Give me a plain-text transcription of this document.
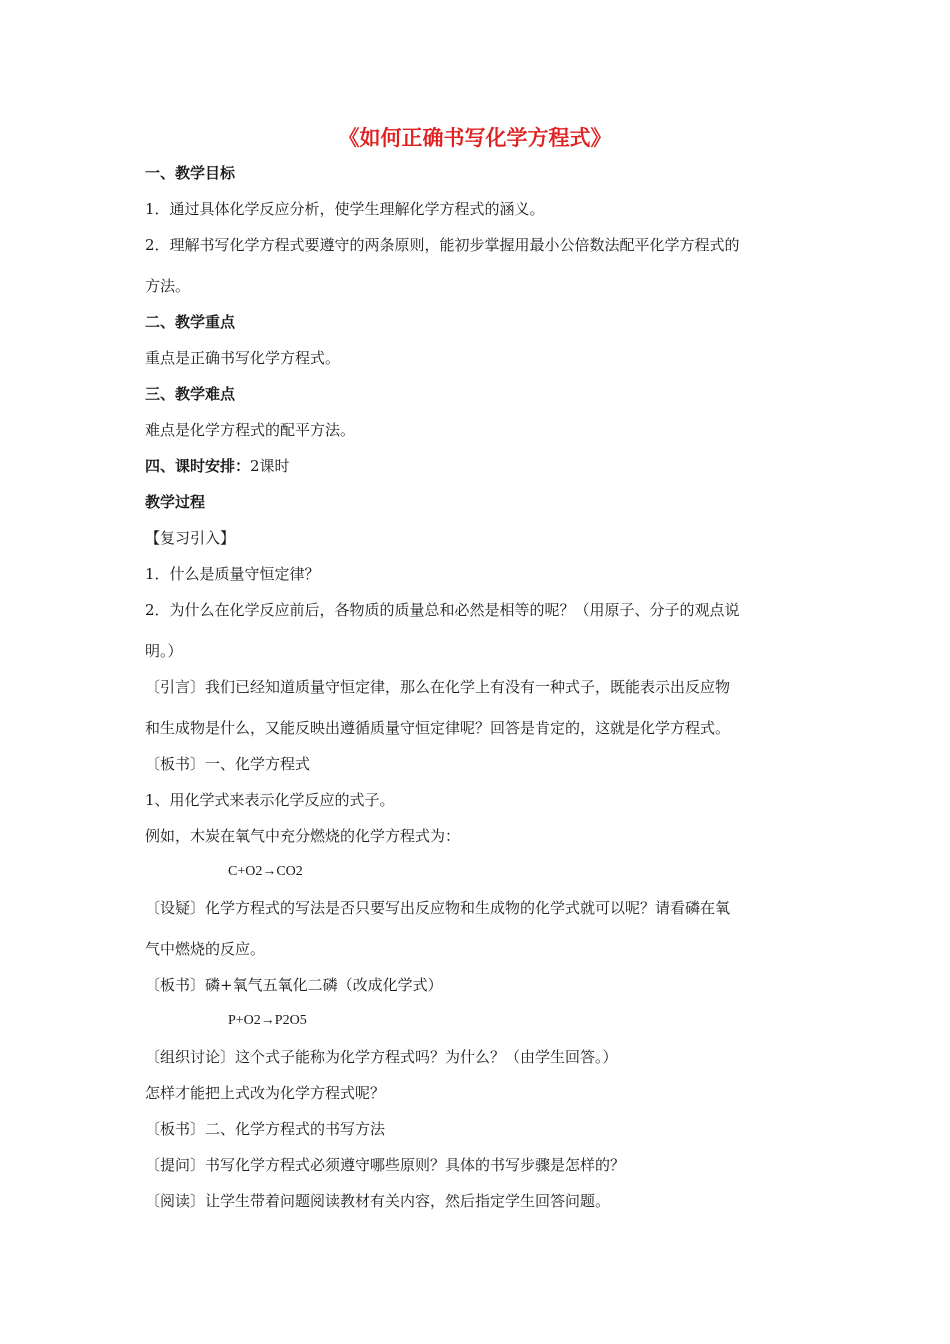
《如何正确书写化学方程式》
一、教学目标
1．通过具体化学反应分析，使学生理解化学方程式的涵义。
2．理解书写化学方程式要遵守的两条原则，能初步掌握用最小公倍数法配平化学方程式的
方法。
二、教学重点
重点是正确书写化学方程式。
三、教学难点
难点是化学方程式的配平方法。
四、课时安排：2课时
教学过程
【复习引入】
1．什么是质量守恒定律？
2．为什么在化学反应前后，各物质的质量总和必然是相等的呢？（用原子、分子的观点说
明。）
〔引言〕我们已经知道质量守恒定律，那么在化学上有没有一种式子，既能表示出反应物
和生成物是什么，又能反映出遵循质量守恒定律呢？回答是肯定的，这就是化学方程式。
〔板书〕一、化学方程式
1、用化学式来表示化学反应的式子。
例如，木炭在氧气中充分燃烧的化学方程式为：
C+O2→CO2
〔设疑〕化学方程式的写法是否只要写出反应物和生成物的化学式就可以呢？请看磷在氧
气中燃烧的反应。
〔板书〕磷+氧气五氧化二磷（改成化学式）
P+O2→P2O5
〔组织讨论〕这个式子能称为化学方程式吗？为什么？（由学生回答。）
怎样才能把上式改为化学方程式呢？
〔板书〕二、化学方程式的书写方法
〔提问〕书写化学方程式必须遵守哪些原则？具体的书写步骤是怎样的？
〔阅读〕让学生带着问题阅读教材有关内容，然后指定学生回答问题。
